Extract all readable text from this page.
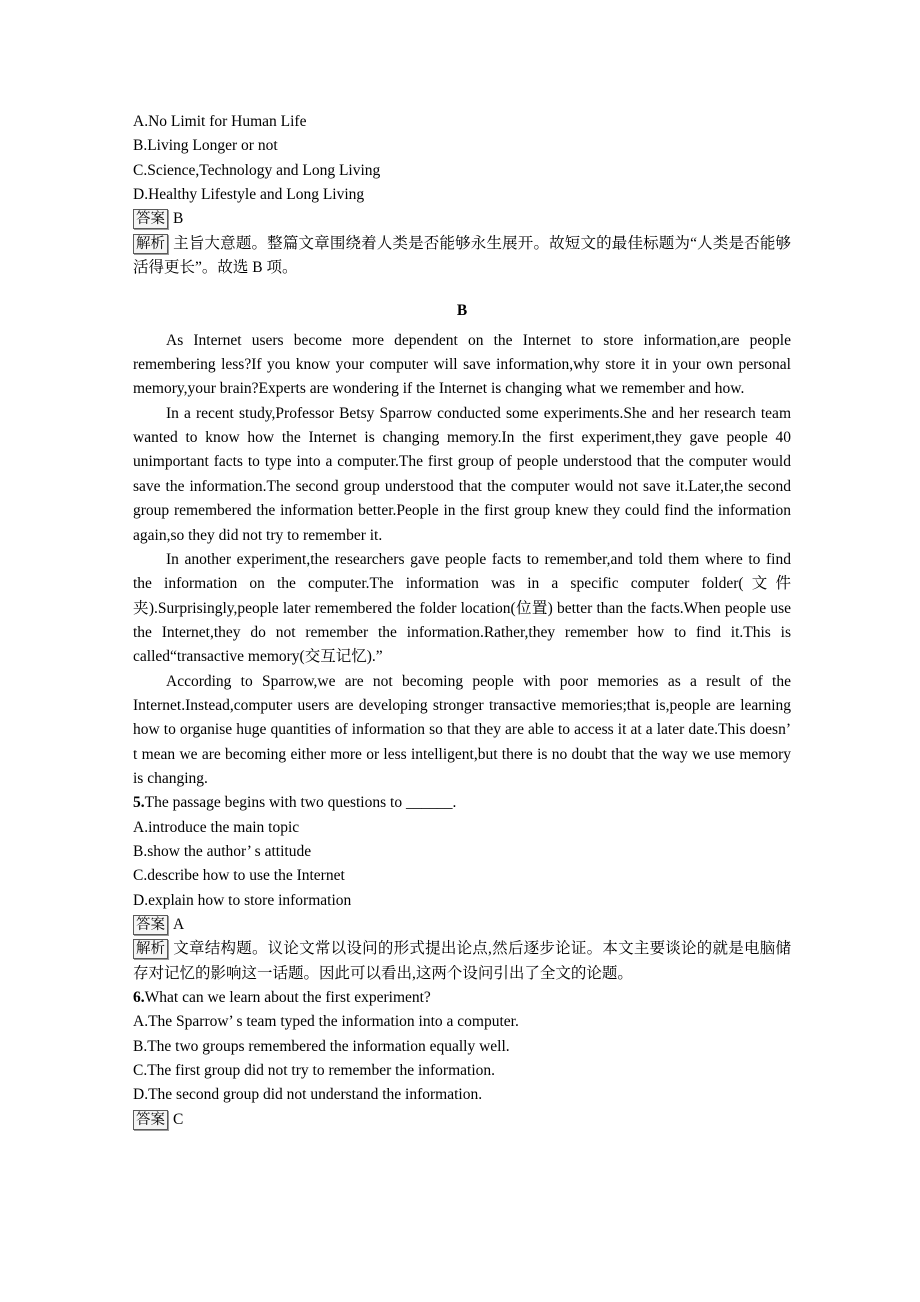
A.No Limit for Human Life

B.Living Longer or not

C.Science,Technology and Long Living

D.Healthy Lifestyle and Long Living

答案 B

解析 主旨大意题。整篇文章围绕着人类是否能够永生展开。故短文的最佳标题为“人类是否能够活得更长”。故选 B 项。

B

As Internet users become more dependent on the Internet to store information,are people remembering less?If you know your computer will save information,why store it in your own personal memory,your brain?Experts are wondering if the Internet is changing what we remember and how.

In a recent study,Professor Betsy Sparrow conducted some experiments.She and her research team wanted to know how the Internet is changing memory.In the first experiment,they gave people 40 unimportant facts to type into a computer.The first group of people understood that the computer would save the information.The second group understood that the computer would not save it.Later,the second group remembered the information better.People in the first group knew they could find the information again,so they did not try to remember it.

In another experiment,the researchers gave people facts to remember,and told them where to find the information on the computer.The information was in a specific computer folder(文件夹).Surprisingly,people later remembered the folder location(位置) better than the facts.When people use the Internet,they do not remember the information.Rather,they remember how to find it.This is called“transactive memory(交互记忆).”

According to Sparrow,we are not becoming people with poor memories as a result of the Internet.Instead,computer users are developing stronger transactive memories;that is,people are learning how to organise huge quantities of information so that they are able to access it at a later date.This doesn’ t mean we are becoming either more or less intelligent,but there is no doubt that the way we use memory is changing.

5.The passage begins with two questions to ______.

A.introduce the main topic

B.show the author’ s attitude

C.describe how to use the Internet

D.explain how to store information

答案 A

解析 文章结构题。议论文常以设问的形式提出论点,然后逐步论证。本文主要谈论的就是电脑储存对记忆的影响这一话题。因此可以看出,这两个设问引出了全文的论题。

6.What can we learn about the first experiment?

A.The Sparrow’ s team typed the information into a computer.

B.The two groups remembered the information equally well.

C.The first group did not try to remember the information.

D.The second group did not understand the information.

答案 C
